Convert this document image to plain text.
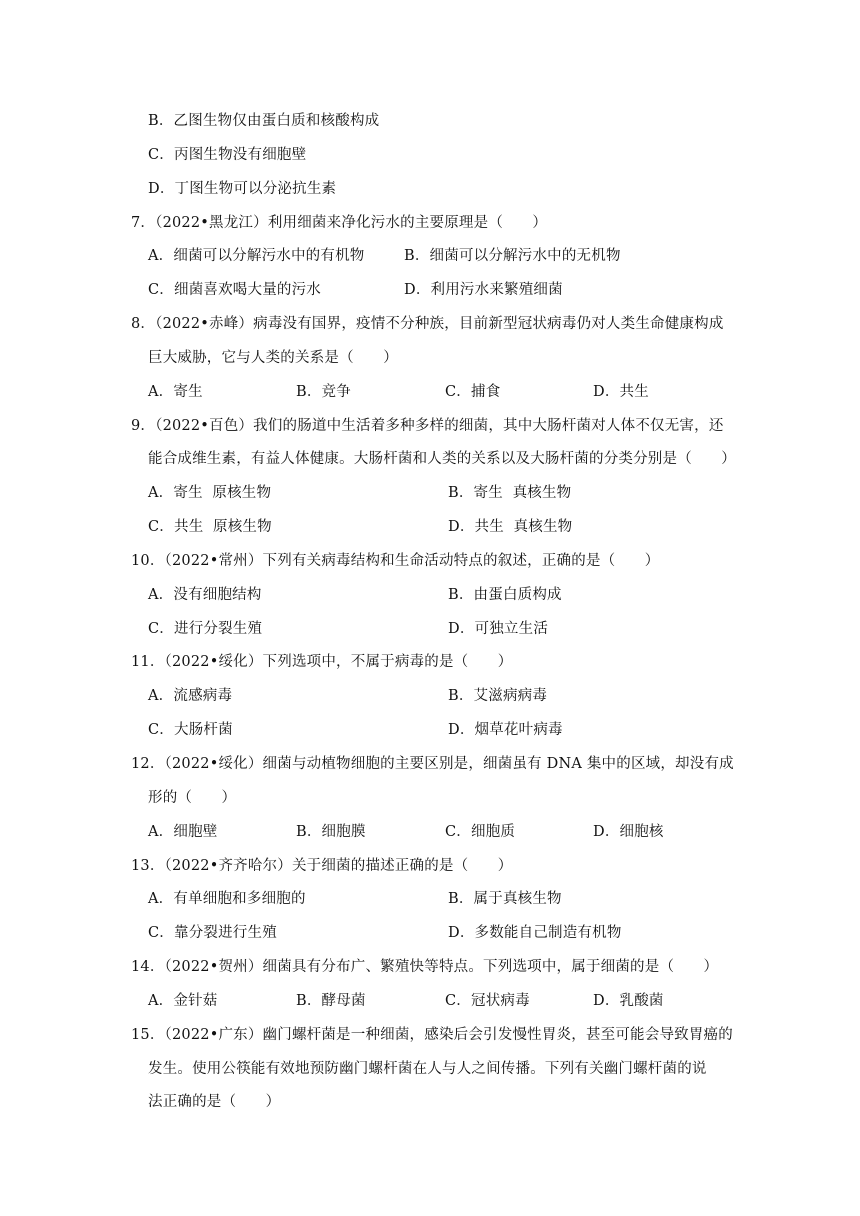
B．乙图生物仅由蛋白质和核酸构成
C．丙图生物没有细胞壁
D．丁图生物可以分泌抗生素
7．（2022•黑龙江）利用细菌来净化污水的主要原理是（　　）
A．细菌可以分解污水中的有机物	B．细菌可以分解污水中的无机物
C．细菌喜欢喝大量的污水	D．利用污水来繁殖细菌
8．（2022•赤峰）病毒没有国界，疫情不分种族，目前新型冠状病毒仍对人类生命健康构成
巨大威胁，它与人类的关系是（　　）
A．寄生	B．竞争	C．捕食	D．共生
9．（2022•百色）我们的肠道中生活着多种多样的细菌，其中大肠杆菌对人体不仅无害，还
能合成维生素，有益人体健康。大肠杆菌和人类的关系以及大肠杆菌的分类分别是（　　）
A．寄生  原核生物	B．寄生  真核生物
C．共生  原核生物	D．共生  真核生物
10．（2022•常州）下列有关病毒结构和生命活动特点的叙述，正确的是（　　）
A．没有细胞结构	B．由蛋白质构成
C．进行分裂生殖	D．可独立生活
11．（2022•绥化）下列选项中，不属于病毒的是（　　）
A．流感病毒	B．艾滋病病毒
C．大肠杆菌	D．烟草花叶病毒
12．（2022•绥化）细菌与动植物细胞的主要区别是，细菌虽有 DNA 集中的区域，却没有成
形的（　　）
A．细胞壁	B．细胞膜	C．细胞质	D．细胞核
13．（2022•齐齐哈尔）关于细菌的描述正确的是（　　）
A．有单细胞和多细胞的	B．属于真核生物
C．靠分裂进行生殖	D．多数能自己制造有机物
14．（2022•贺州）细菌具有分布广、繁殖快等特点。下列选项中，属于细菌的是（　　）
A．金针菇	B．酵母菌	C．冠状病毒	D．乳酸菌
15．（2022•广东）幽门螺杆菌是一种细菌，感染后会引发慢性胃炎，甚至可能会导致胃癌的
发生。使用公筷能有效地预防幽门螺杆菌在人与人之间传播。下列有关幽门螺杆菌的说
法正确的是（　　）
